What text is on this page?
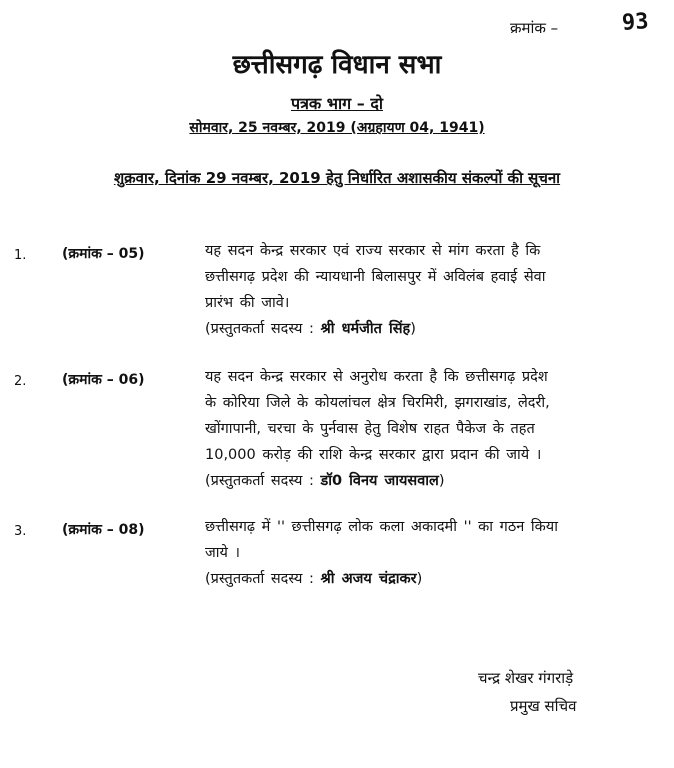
क्रमांक –	93
छत्तीसगढ़ विधान सभा
पत्रक भाग – दो
सोमवार, 25 नवम्बर, 2019 (अग्रहायण 04, 1941)
शुक्रवार, दिनांक 29 नवम्बर, 2019 हेतु निर्धारित अशासकीय संकल्पों की सूचना
1.	(क्रमांक – 05)	यह सदन केन्द्र सरकार एवं राज्य सरकार से मांग करता है कि
छत्तीसगढ़ प्रदेश की न्यायधानी बिलासपुर में अविलंब हवाई सेवा
प्रारंभ की जावे।
(प्रस्तुतकर्ता सदस्य : श्री धर्मजीत सिंह)
2.	(क्रमांक – 06)	यह सदन केन्द्र सरकार से अनुरोध करता है कि छत्तीसगढ़ प्रदेश
के कोरिया जिले के कोयलांचल क्षेत्र चिरमिरी, झगराखांड, लेदरी,
खोंगापानी, चरचा के पुर्नवास हेतु विशेष राहत पैकेज के तहत
10,000 करोड़ की राशि केन्द्र सरकार द्वारा प्रदान की जाये ।
(प्रस्तुतकर्ता सदस्य : डॉ0 विनय जायसवाल)
3.	(क्रमांक – 08)	छत्तीसगढ़ में '' छत्तीसगढ़ लोक कला अकादमी '' का गठन किया
जाये ।
(प्रस्तुतकर्ता सदस्य : श्री अजय चंद्राकर)
चन्द्र शेखर गंगराड़े
प्रमुख सचिव
